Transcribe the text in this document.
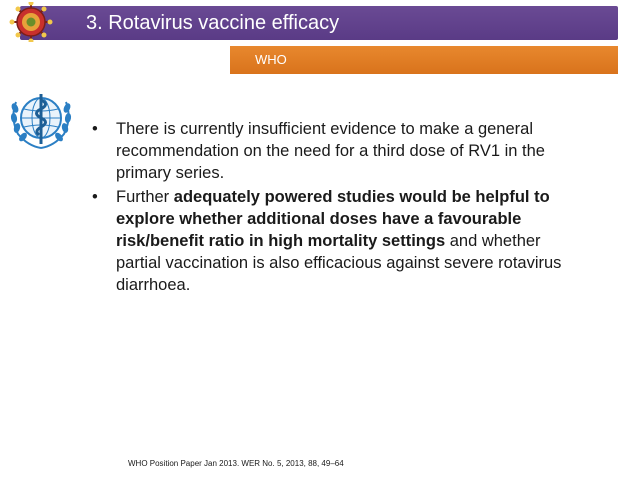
3. Rotavirus vaccine efficacy
WHO
• There is currently insufficient evidence to make a general recommendation on the need for a third dose of RV1 in the primary series.
• Further adequately powered studies would be helpful to explore whether additional doses have a favourable risk/benefit ratio in high mortality settings and whether partial vaccination is also efficacious against severe rotavirus diarrhoea.
WHO Position Paper Jan 2013. WER No. 5, 2013, 88, 49–64
